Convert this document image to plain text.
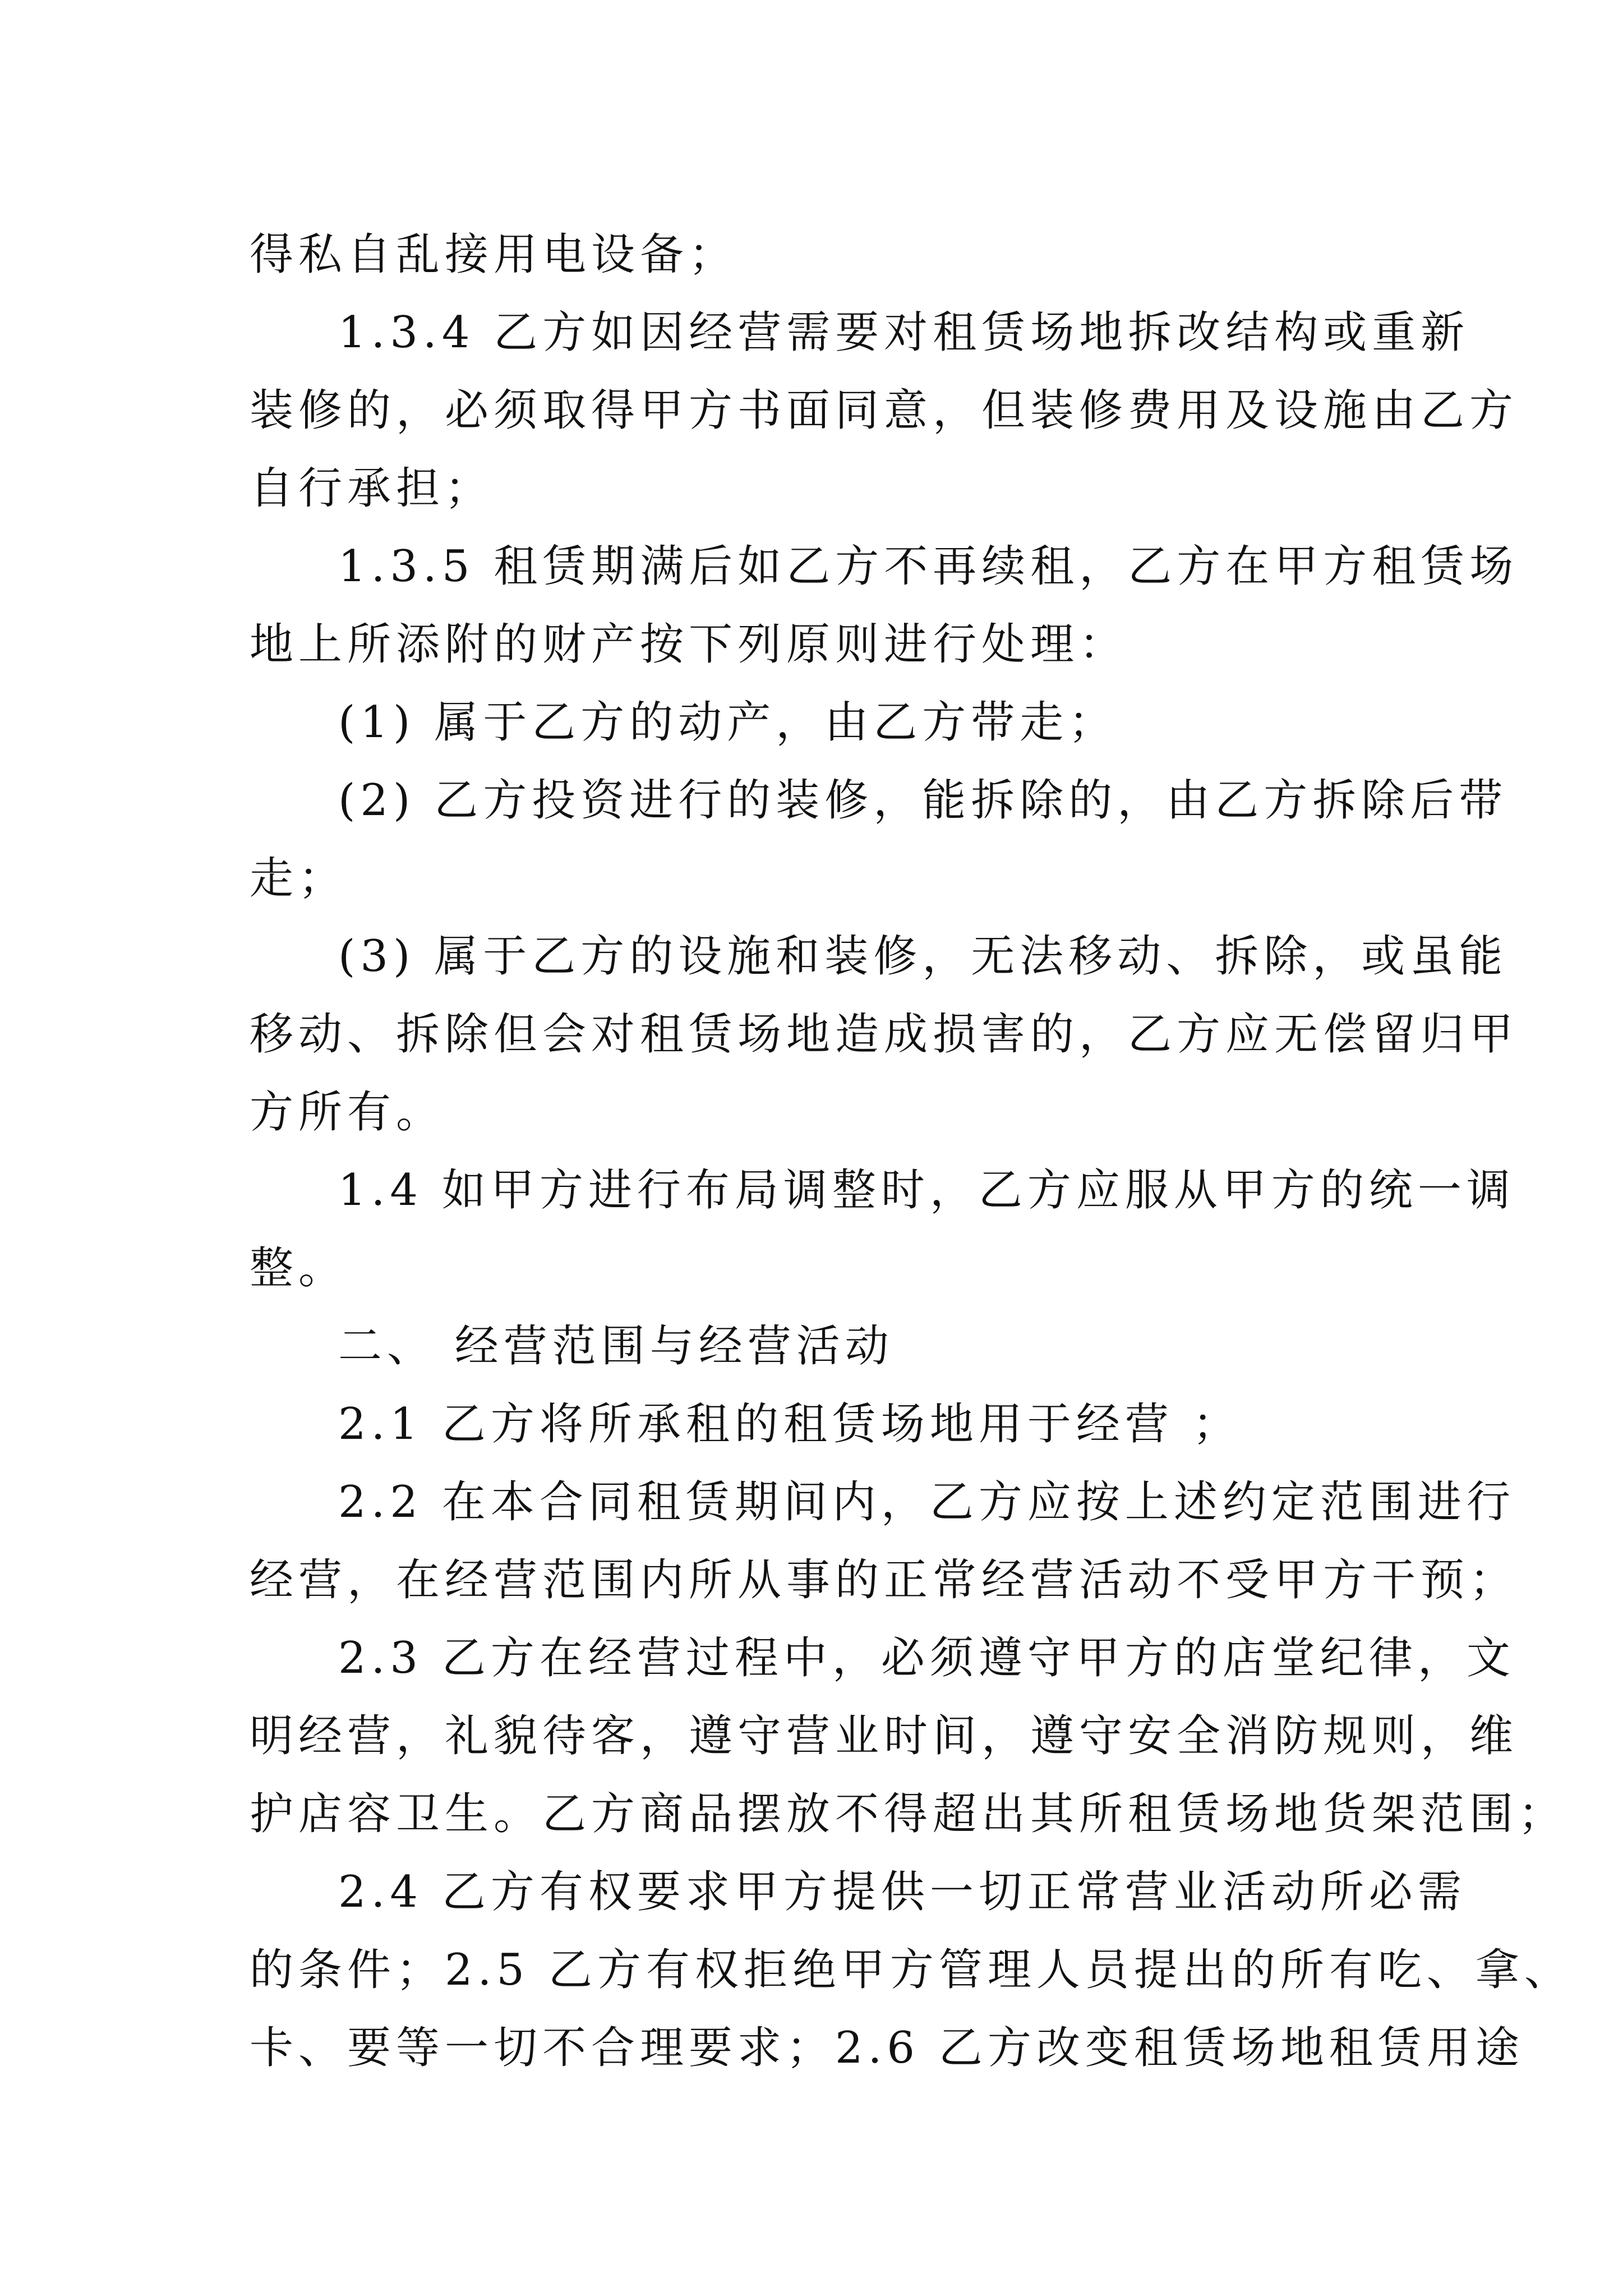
得私自乱接用电设备；
1.3.4 乙方如因经营需要对租赁场地拆改结构或重新
装修的，必须取得甲方书面同意，但装修费用及设施由乙方
自行承担；
1.3.5 租赁期满后如乙方不再续租，乙方在甲方租赁场
地上所添附的财产按下列原则进行处理：
(1) 属于乙方的动产，由乙方带走；
(2) 乙方投资进行的装修，能拆除的，由乙方拆除后带
走；
(3) 属于乙方的设施和装修，无法移动、拆除，或虽能
移动、拆除但会对租赁场地造成损害的，乙方应无偿留归甲
方所有。
1.4 如甲方进行布局调整时，乙方应服从甲方的统一调
整。
二、 经营范围与经营活动
2.1 乙方将所承租的租赁场地用于经营 ；
2.2 在本合同租赁期间内，乙方应按上述约定范围进行
经营，在经营范围内所从事的正常经营活动不受甲方干预；
2.3 乙方在经营过程中，必须遵守甲方的店堂纪律，文
明经营，礼貌待客，遵守营业时间，遵守安全消防规则，维
护店容卫生。乙方商品摆放不得超出其所租赁场地货架范围；
2.4 乙方有权要求甲方提供一切正常营业活动所必需
的条件；2.5 乙方有权拒绝甲方管理人员提出的所有吃、拿、
卡、要等一切不合理要求；2.6 乙方改变租赁场地租赁用途
